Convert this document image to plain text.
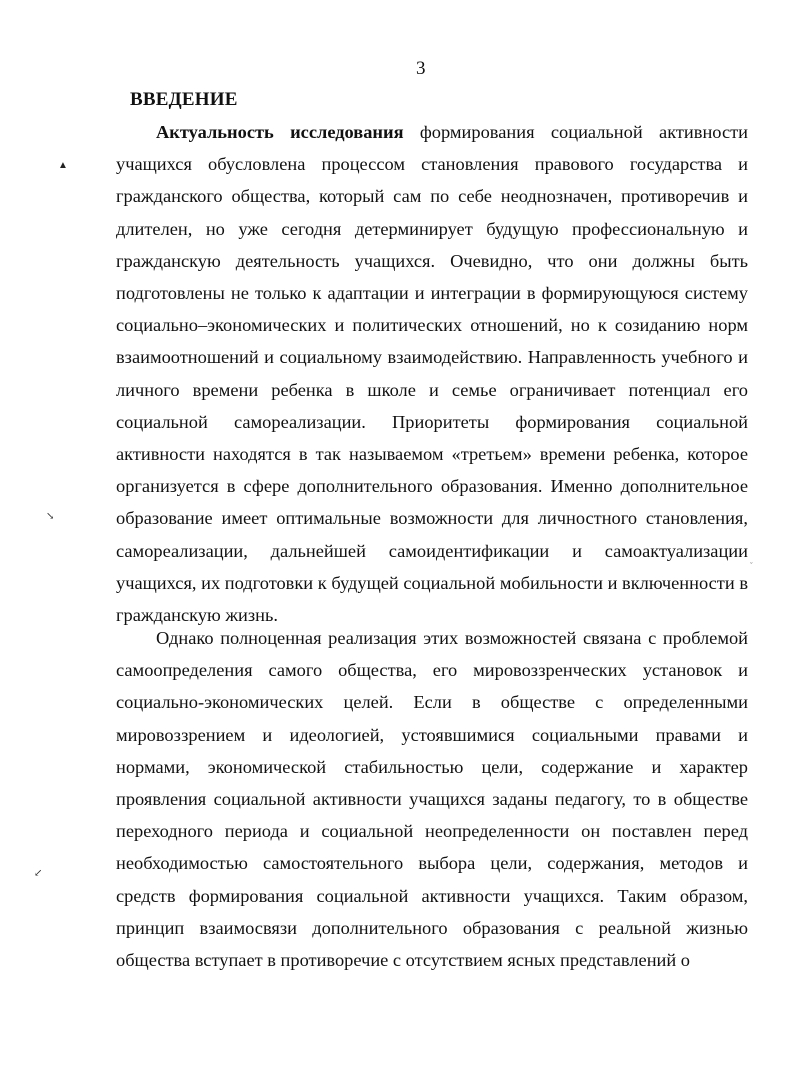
3
ВВЕДЕНИЕ

Актуальность исследования формирования социальной активности учащихся обусловлена процессом становления правового государства и гражданского общества, который сам по себе неоднозначен, противоречив и длителен, но уже сегодня детерминирует будущую профессиональную и гражданскую деятельность учащихся. Очевидно, что они должны быть подготовлены не только к адаптации и интеграции в формирующуюся систему социально–экономических и политических отношений, но к созиданию норм взаимоотношений и социальному взаимодействию. Направленность учебного и личного времени ребенка в школе и семье ограничивает потенциал его социальной самореализации. Приоритеты формирования социальной активности находятся в так называемом «третьем» времени ребенка, которое организуется в сфере дополнительного образования. Именно дополнительное образование имеет оптимальные возможности для личностного становления, самореализации, дальнейшей самоидентификации и самоактуализации учащихся, их подготовки к будущей социальной мобильности и включенности в гражданскую жизнь.

Однако полноценная реализация этих возможностей связана с проблемой самоопределения самого общества, его мировоззренческих установок и социально-экономических целей. Если в обществе с определенными мировоззрением и идеологией, устоявшимися социальными правами и нормами, экономической стабильностью цели, содержание и характер проявления социальной активности учащихся заданы педагогу, то в обществе переходного периода и социальной неопределенности он поставлен перед необходимостью самостоятельного выбора цели, содержания, методов и средств формирования социальной активности учащихся. Таким образом, принцип взаимосвязи дополнительного образования с реальной жизнью общества вступает в противоречие с отсутствием ясных представлений о

▲
↘
↙
ˇ
